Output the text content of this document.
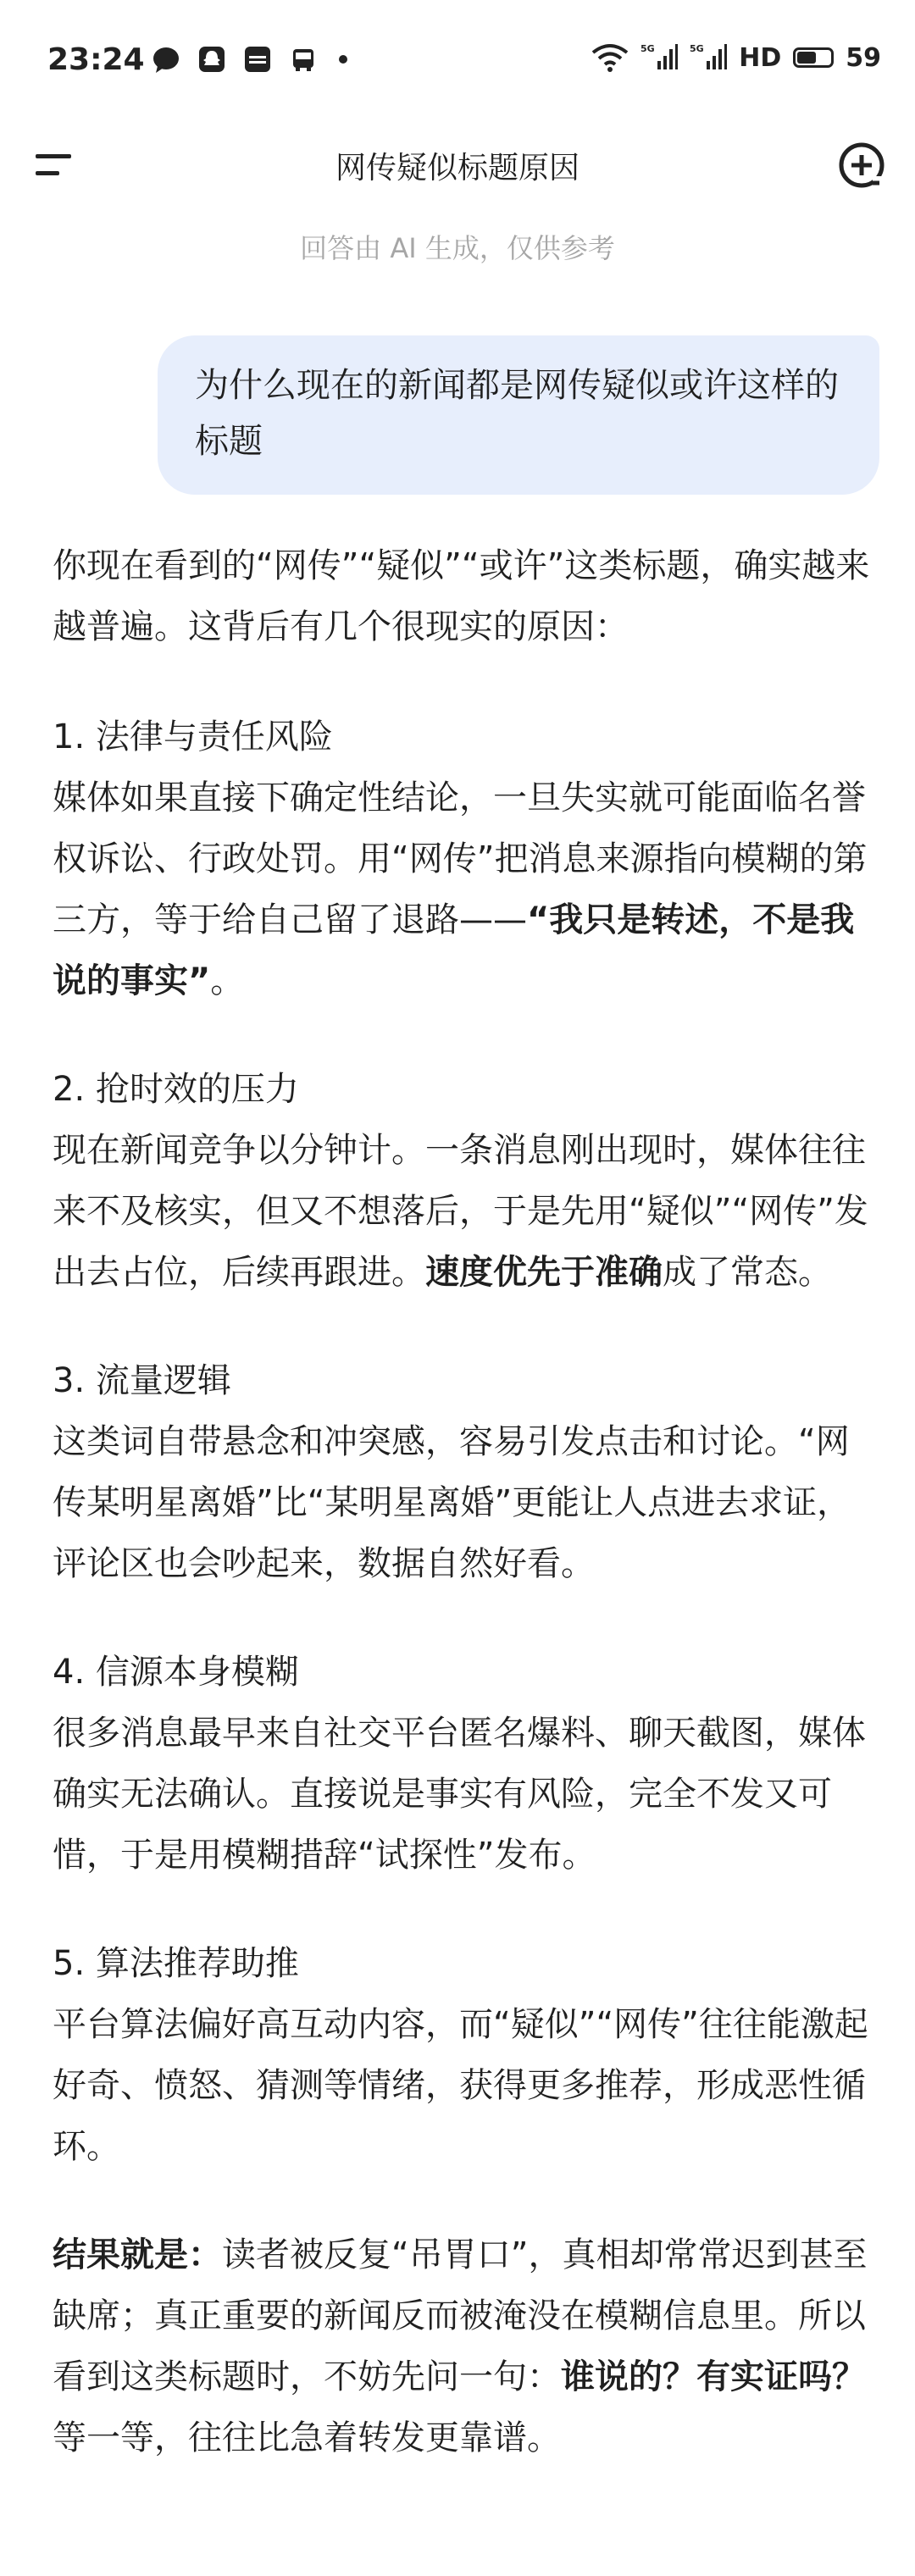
23:24	5G	5G HD	59
网传疑似标题原因
回答由 AI 生成，仅供参考
为什么现在的新闻都是网传疑似或许这样的标题

你现在看到的“网传”“疑似”“或许”这类标题，确实越来越普遍。这背后有几个很现实的原因：

1. 法律与责任风险
媒体如果直接下确定性结论，一旦失实就可能面临名誉权诉讼、行政处罚。用“网传”把消息来源指向模糊的第三方，等于给自己留了退路——“我只是转述，不是我说的事实”。
2. 抢时效的压力
现在新闻竞争以分钟计。一条消息刚出现时，媒体往往来不及核实，但又不想落后，于是先用“疑似”“网传”发出去占位，后续再跟进。速度优先于准确成了常态。
3. 流量逻辑
这类词自带悬念和冲突感，容易引发点击和讨论。“网传某明星离婚”比“某明星离婚”更能让人点进去求证，评论区也会吵起来，数据自然好看。
4. 信源本身模糊
很多消息最早来自社交平台匿名爆料、聊天截图，媒体确实无法确认。直接说是事实有风险，完全不发又可惜，于是用模糊措辞“试探性”发布。
5. 算法推荐助推
平台算法偏好高互动内容，而“疑似”“网传”往往能激起好奇、愤怒、猜测等情绪，获得更多推荐，形成恶性循环。
结果就是：读者被反复“吊胃口”，真相却常常迟到甚至缺席；真正重要的新闻反而被淹没在模糊信息里。所以看到这类标题时，不妨先问一句：谁说的？有实证吗？ 等一等，往往比急着转发更靠谱。
